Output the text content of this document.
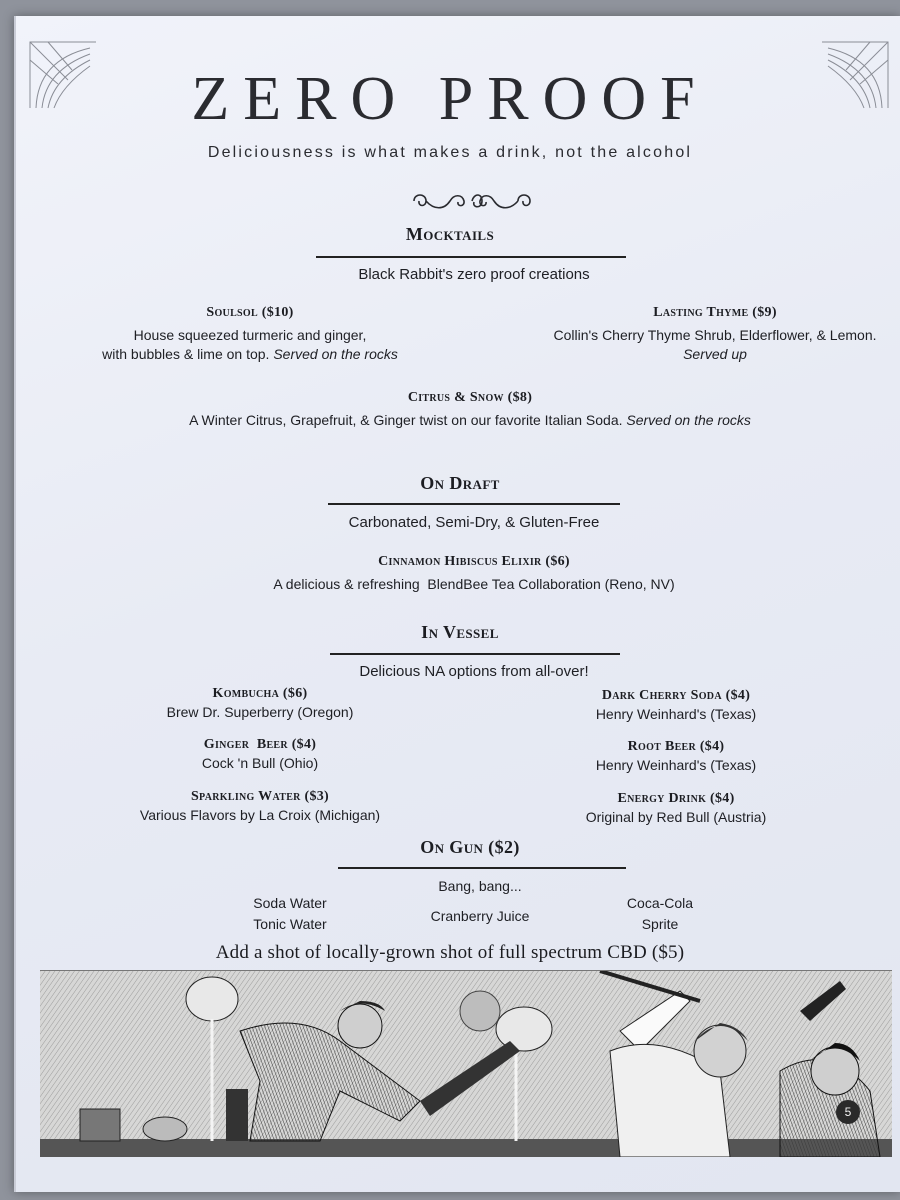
ZERO PROOF
Deliciousness is what makes a drink, not the alcohol
Mocktails
Black Rabbit's zero proof creations
Soulsol ($10)
House squeezed turmeric and ginger,
with bubbles & lime on top. Served on the rocks
Lasting Thyme ($9)
Collin's Cherry Thyme Shrub, Elderflower, & Lemon.
Served up
Citrus & Snow ($8)
A Winter Citrus, Grapefruit, & Ginger twist on our favorite Italian Soda. Served on the rocks
On Draft
Carbonated, Semi-Dry, & Gluten-Free
Cinnamon Hibiscus Elixir ($6)
A delicious & refreshing  BlendBee Tea Collaboration (Reno, NV)
In Vessel
Delicious NA options from all-over!
Kombucha ($6)
Brew Dr. Superberry (Oregon)
Dark Cherry Soda ($4)
Henry Weinhard's (Texas)
Ginger  Beer ($4)
Cock 'n Bull (Ohio)
Root Beer ($4)
Henry Weinhard's (Texas)
Sparkling Water ($3)
Various Flavors by La Croix (Michigan)
Energy Drink ($4)
Original by Red Bull (Austria)
On Gun ($2)
Bang, bang...
Soda Water
Tonic Water	Cranberry Juice
Coca-Cola
Sprite
Add a shot of locally-grown shot of full spectrum CBD ($5)
5
